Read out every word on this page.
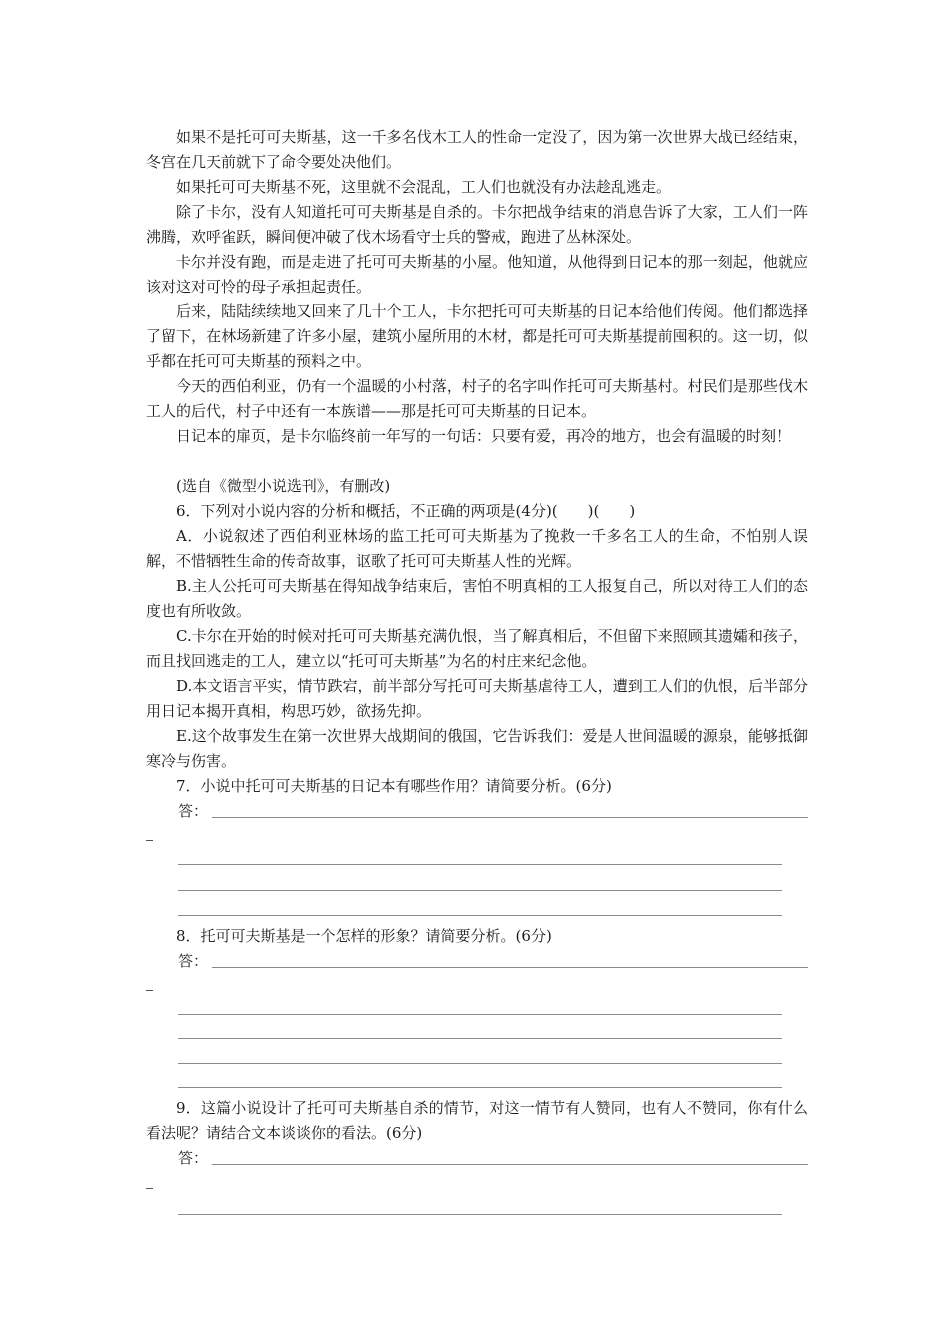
如果不是托可可夫斯基，这一千多名伐木工人的性命一定没了，因为第一次世界大战已经结束，冬宫在几天前就下了命令要处决他们。

如果托可可夫斯基不死，这里就不会混乱，工人们也就没有办法趁乱逃走。

除了卡尔，没有人知道托可可夫斯基是自杀的。卡尔把战争结束的消息告诉了大家，工人们一阵沸腾，欢呼雀跃，瞬间便冲破了伐木场看守士兵的警戒，跑进了丛林深处。

卡尔并没有跑，而是走进了托可可夫斯基的小屋。他知道，从他得到日记本的那一刻起，他就应该对这对可怜的母子承担起责任。

后来，陆陆续续地又回来了几十个工人，卡尔把托可可夫斯基的日记本给他们传阅。他们都选择了留下，在林场新建了许多小屋，建筑小屋所用的木材，都是托可可夫斯基提前囤积的。这一切，似乎都在托可可夫斯基的预料之中。

今天的西伯利亚，仍有一个温暖的小村落，村子的名字叫作托可可夫斯基村。村民们是那些伐木工人的后代，村子中还有一本族谱——那是托可可夫斯基的日记本。

日记本的扉页，是卡尔临终前一年写的一句话：只要有爱，再冷的地方，也会有温暖的时刻！

(选自《微型小说选刊》，有删改)

6．下列对小说内容的分析和概括，不正确的两项是(4分)(　　)(　　)

A．小说叙述了西伯利亚林场的监工托可可夫斯基为了挽救一千多名工人的生命，不怕别人误解，不惜牺牲生命的传奇故事，讴歌了托可可夫斯基人性的光辉。

B.主人公托可可夫斯基在得知战争结束后，害怕不明真相的工人报复自己，所以对待工人们的态度也有所收敛。

C.卡尔在开始的时候对托可可夫斯基充满仇恨，当了解真相后，不但留下来照顾其遗孀和孩子，而且找回逃走的工人，建立以“托可可夫斯基”为名的村庄来纪念他。

D.本文语言平实，情节跌宕，前半部分写托可可夫斯基虐待工人，遭到工人们的仇恨，后半部分用日记本揭开真相，构思巧妙，欲扬先抑。

E.这个故事发生在第一次世界大战期间的俄国，它告诉我们：爱是人世间温暖的源泉，能够抵御寒冷与伤害。

7．小说中托可可夫斯基的日记本有哪些作用？请简要分析。(6分)

答：

8．托可可夫斯基是一个怎样的形象？请简要分析。(6分)

答：

9．这篇小说设计了托可可夫斯基自杀的情节，对这一情节有人赞同，也有人不赞同，你有什么看法呢？请结合文本谈谈你的看法。(6分)

答：
